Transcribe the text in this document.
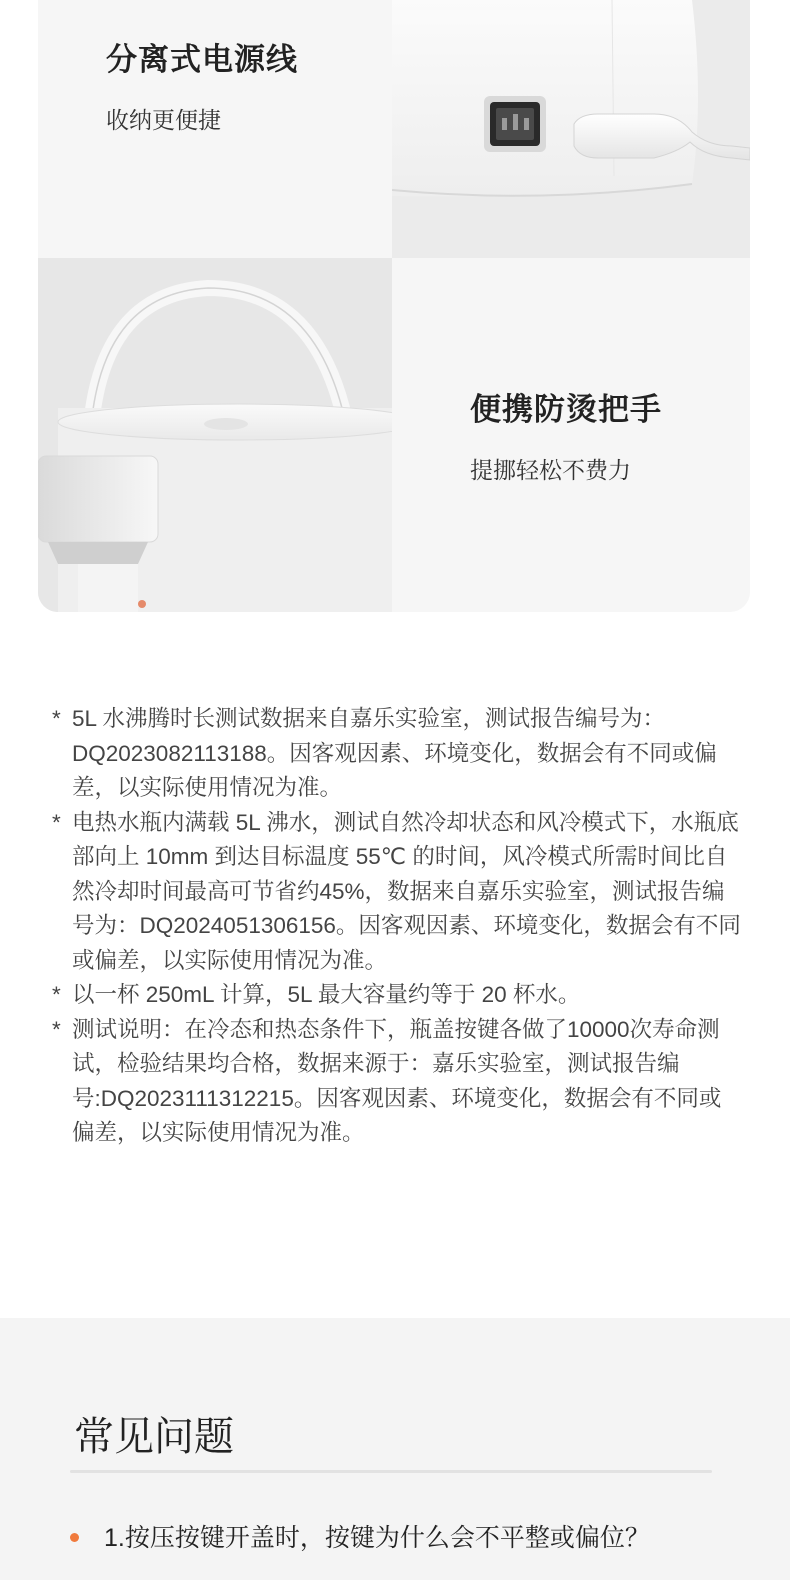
分离式电源线
收纳更便捷
便携防烫把手
提挪轻松不费力
* 5L 水沸腾时长测试数据来自嘉乐实验室，测试报告编号为：DQ2023082113188。因客观因素、环境变化，数据会有不同或偏差，以实际使用情况为准。
* 电热水瓶内满载 5L 沸水，测试自然冷却状态和风冷模式下，水瓶底部向上 10mm 到达目标温度 55℃ 的时间，风冷模式所需时间比自然冷却时间最高可节省约45%，数据来自嘉乐实验室，测试报告编号为：DQ2024051306156。因客观因素、环境变化，数据会有不同或偏差，以实际使用情况为准。
* 以一杯 250mL 计算，5L 最大容量约等于 20 杯水。
* 测试说明：在冷态和热态条件下，瓶盖按键各做了10000次寿命测试，检验结果均合格，数据来源于：嘉乐实验室，测试报告编号:DQ2023111312215。因客观因素、环境变化，数据会有不同或偏差，以实际使用情况为准。
常见问题
1.按压按键开盖时，按键为什么会不平整或偏位？
